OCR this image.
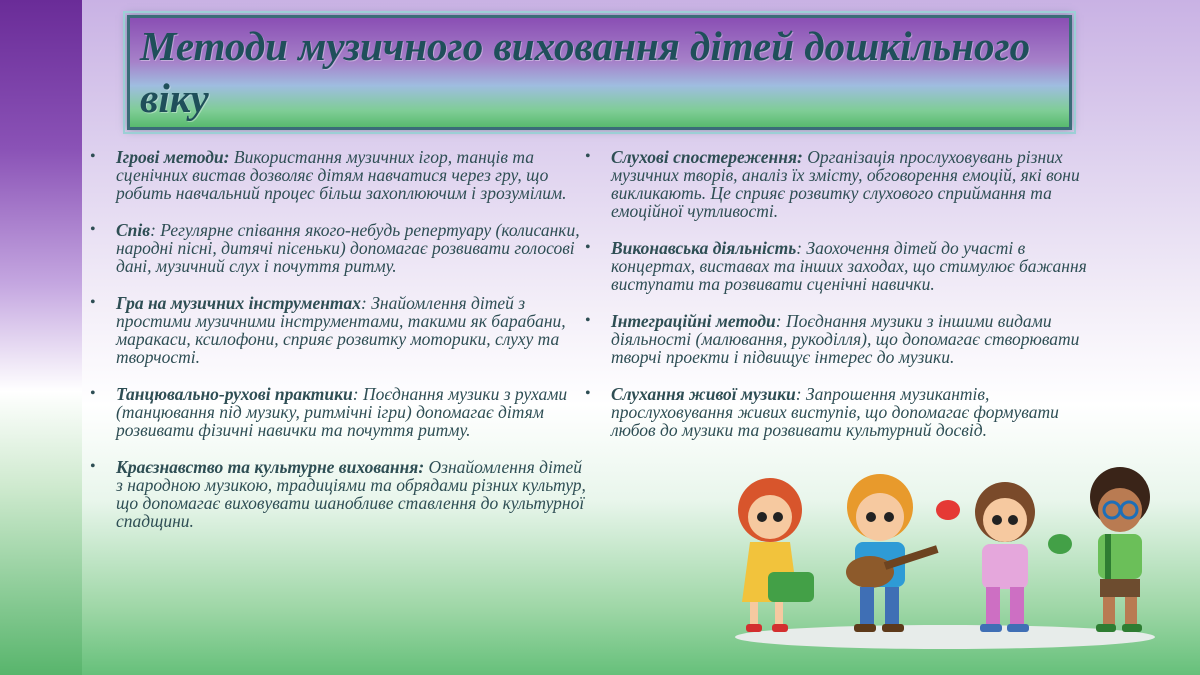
Методи музичного виховання дітей дошкільного віку
• Ігрові методи: Використання музичних ігор, танців та сценічних вистав дозволяє дітям навчатися через гру, що робить навчальний процес більш захоплюючим і зрозумілим.
• Спів: Регулярне співання якого-небудь репертуару (колисанки, народні пісні, дитячі пісеньки) допомагає розвивати голосові дані, музичний слух і почуття ритму.
• Гра на музичних інструментах: Знайомлення дітей з простими музичними інструментами, такими як барабани, маракаси, ксилофони, сприяє розвитку моторики, слуху та творчості.
• Танцювально-рухові практики: Поєднання музики з рухами (танцювання під музику, ритмічні ігри) допомагає дітям розвивати фізичні навички та почуття ритму.
• Краєзнавство та культурне виховання: Ознайомлення дітей з народною музикою, традиціями та обрядами різних культур, що допомагає виховувати шанобливе ставлення до культурної спадщини.
• Слухові спостереження: Організація прослуховувань різних музичних творів, аналіз їх змісту, обговорення емоцій, які вони викликають. Це сприяє розвитку слухового сприймання та емоційної чутливості.
• Виконавська діяльність: Заохочення дітей до участі в концертах, виставах та інших заходах, що стимулює бажання виступати та розвивати сценічні навички.
• Інтеграційні методи: Поєднання музики з іншими видами діяльності (малювання, рукоділля), що допомагає створювати творчі проекти і підвищує інтерес до музики.
• Слухання живої музики: Запрошення музикантів, прослуховування живих виступів, що допомагає формувати любов до музики та розвивати культурний досвід.
